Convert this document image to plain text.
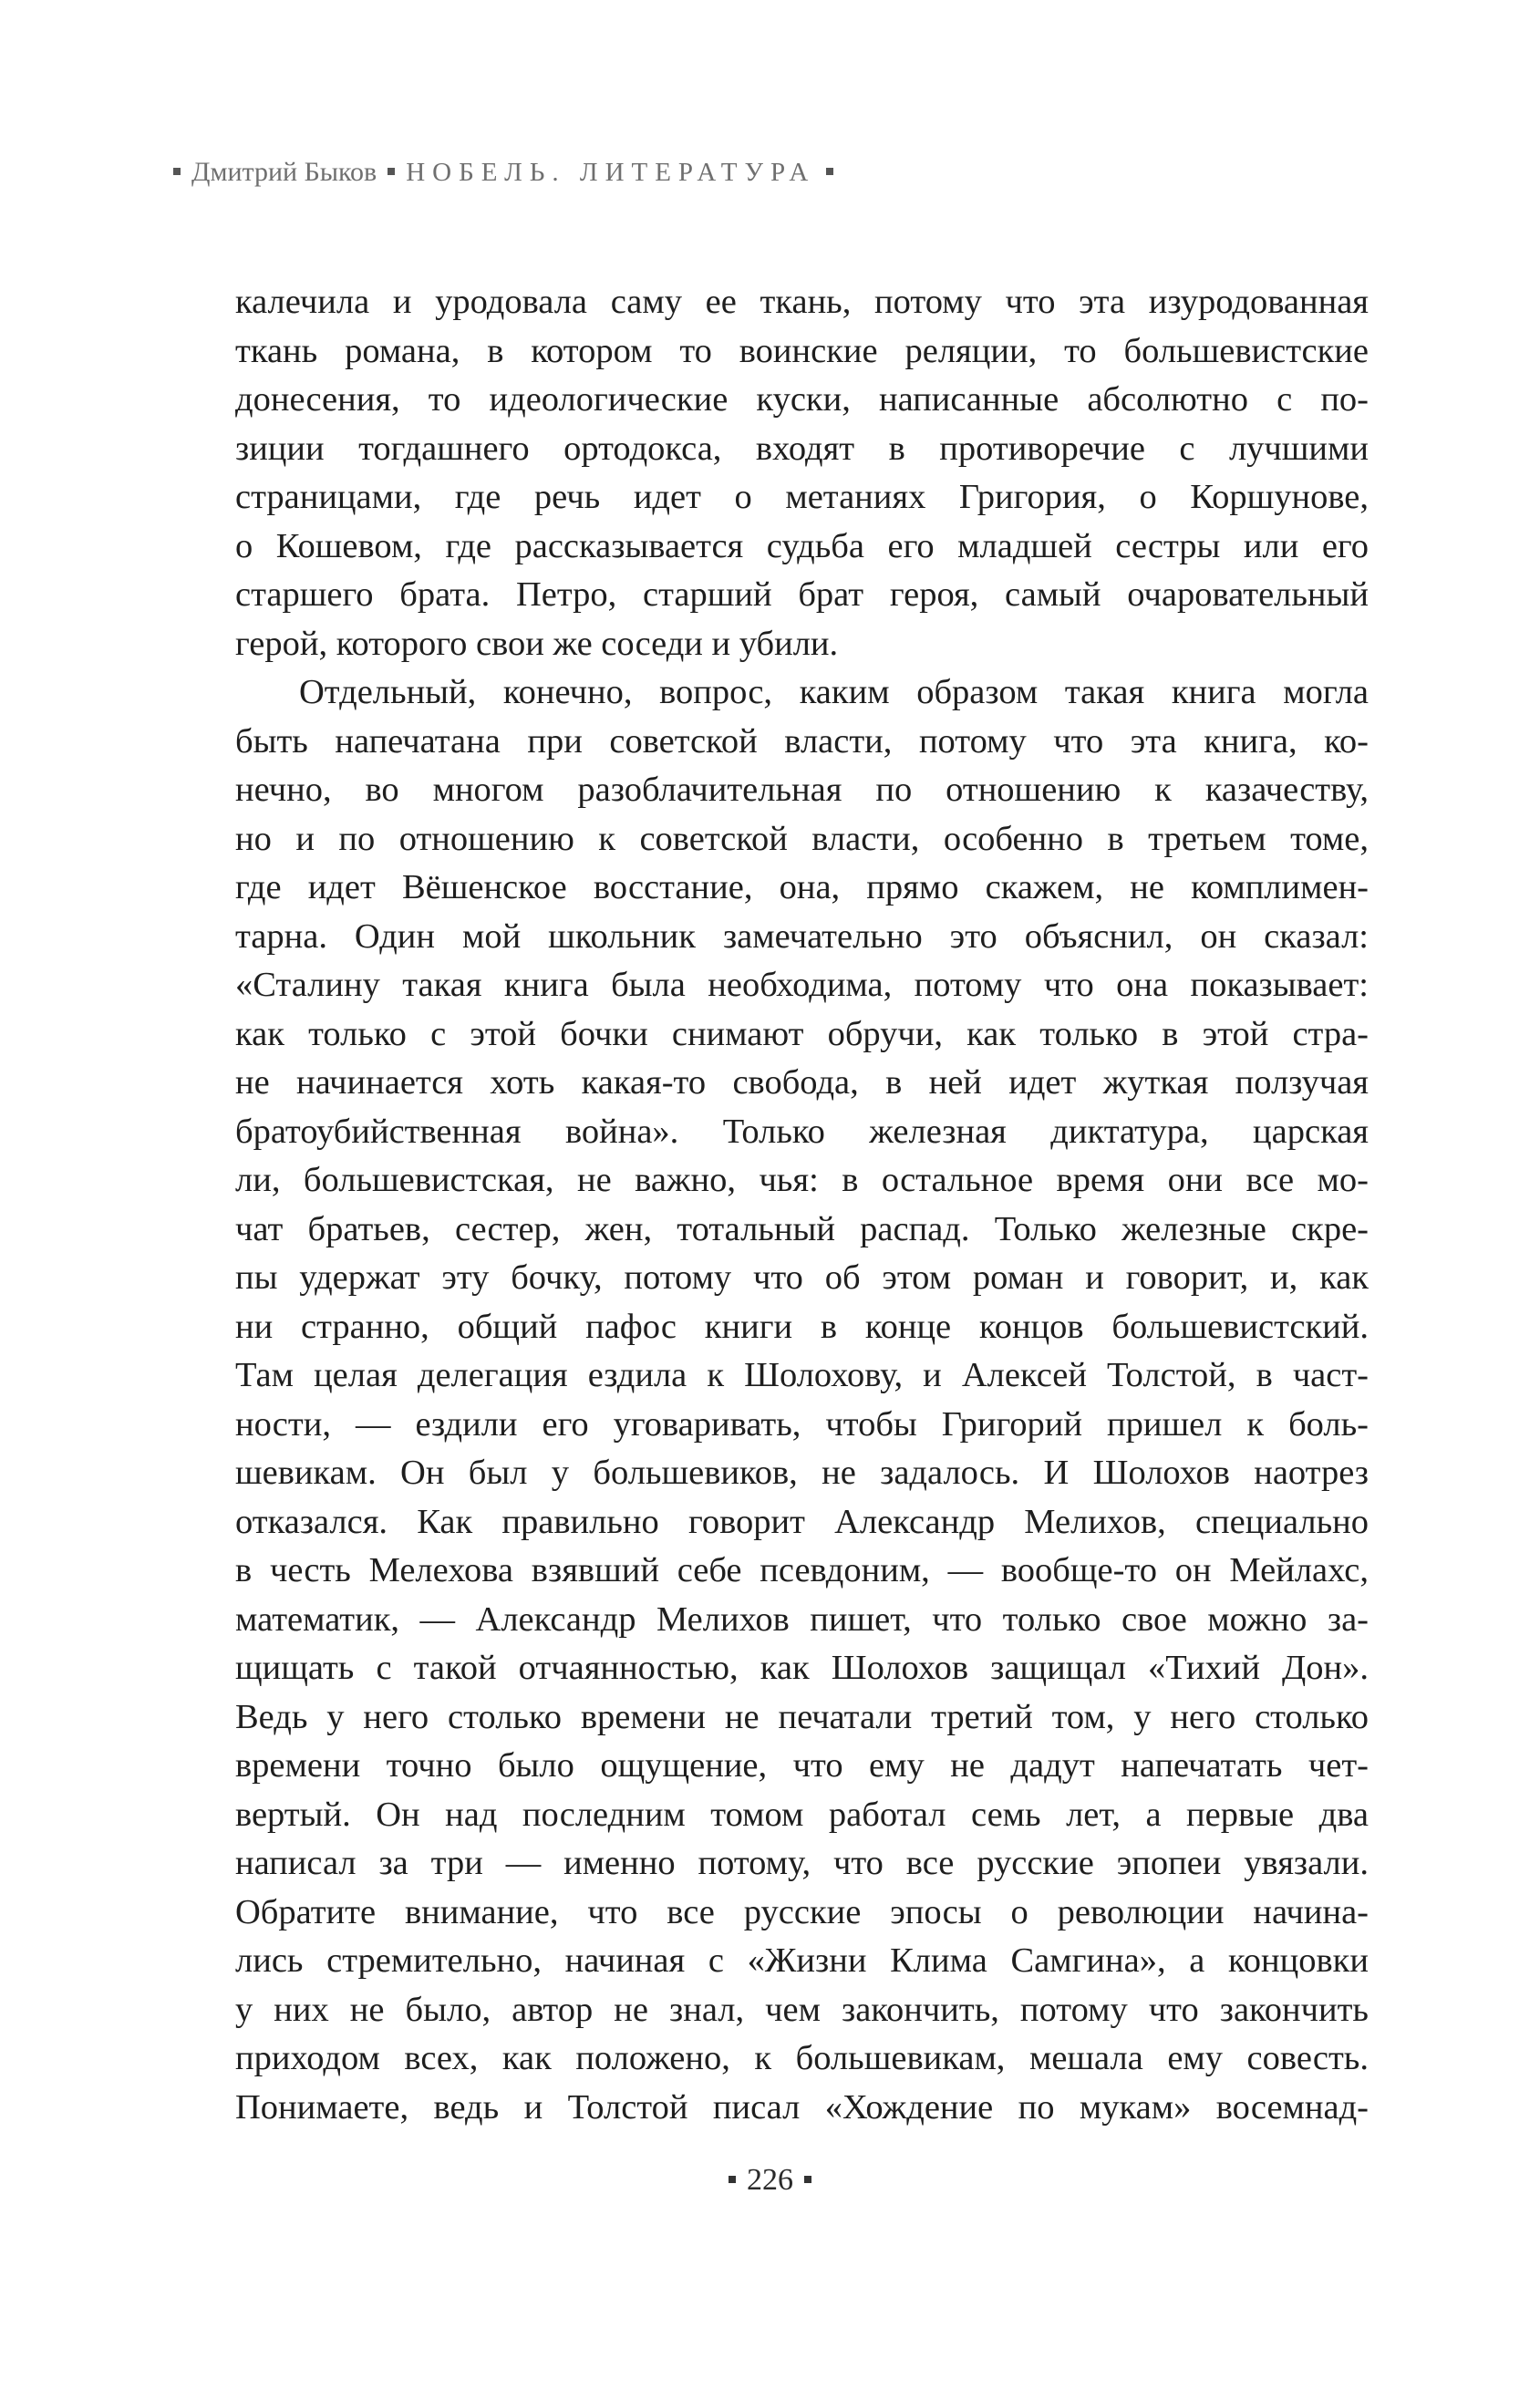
Дмитрий Быков НОБЕЛЬ. ЛИТЕРАТУРА

калечила и уродовала саму ее ткань, потому что эта изуродованная
ткань романа, в котором то воинские реляции, то большевистские
донесения, то идеологические куски, написанные абсолютно с по-
зиции тогдашнего ортодокса, входят в противоречие с лучшими
страницами, где речь идет о метаниях Григория, о Коршунове,
о Кошевом, где рассказывается судьба его младшей сестры или его
старшего брата. Петро, старший брат героя, самый очаровательный
герой, которого свои же соседи и убили.

Отдельный, конечно, вопрос, каким образом такая книга могла
быть напечатана при советской власти, потому что эта книга, ко-
нечно, во многом разоблачительная по отношению к казачеству,
но и по отношению к советской власти, особенно в третьем томе,
где идет Вёшенское восстание, она, прямо скажем, не комплимен-
тарна. Один мой школьник замечательно это объяснил, он сказал:
«Сталину такая книга была необходима, потому что она показывает:
как только с этой бочки снимают обручи, как только в этой стра-
не начинается хоть какая-то свобода, в ней идет жуткая ползучая
братоубийственная война». Только железная диктатура, царская
ли, большевистская, не важно, чья: в остальное время они все мо-
чат братьев, сестер, жен, тотальный распад. Только железные скре-
пы удержат эту бочку, потому что об этом роман и говорит, и, как
ни странно, общий пафос книги в конце концов большевистский.
Там целая делегация ездила к Шолохову, и Алексей Толстой, в част-
ности, — ездили его уговаривать, чтобы Григорий пришел к боль-
шевикам. Он был у большевиков, не задалось. И Шолохов наотрез
отказался. Как правильно говорит Александр Мелихов, специально
в честь Мелехова взявший себе псевдоним, — вообще-то он Мейлахс,
математик, — Александр Мелихов пишет, что только свое можно за-
щищать с такой отчаянностью, как Шолохов защищал «Тихий Дон».
Ведь у него столько времени не печатали третий том, у него столько
времени точно было ощущение, что ему не дадут напечатать чет-
вертый. Он над последним томом работал семь лет, а первые два
написал за три — именно потому, что все русские эпопеи увязали.
Обратите внимание, что все русские эпосы о революции начина-
лись стремительно, начиная с «Жизни Клима Самгина», а концовки
у них не было, автор не знал, чем закончить, потому что закончить
приходом всех, как положено, к большевикам, мешала ему совесть.
Понимаете, ведь и Толстой писал «Хождение по мукам» восемнад-

226
